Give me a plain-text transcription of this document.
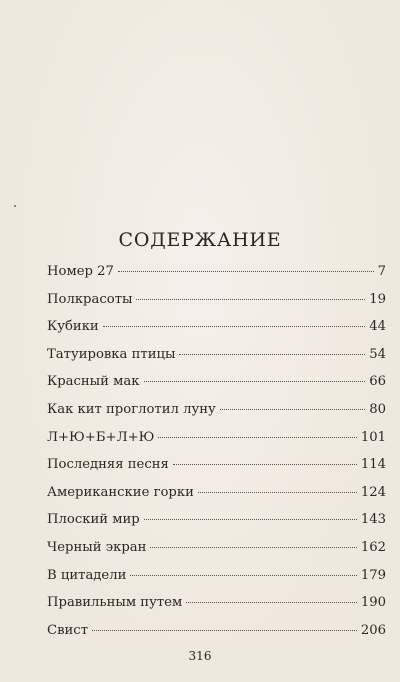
СОДЕРЖАНИЕ
Номер 27	7
Полкрасоты	19
Кубики	44
Татуировка птицы	54
Красный мак	66
Как кит проглотил луну	80
Л+Ю+Б+Л+Ю	101
Последняя песня	114
Американские горки	124
Плоский мир	143
Черный экран	162
В цитадели	179
Правильным путем	190
Свист	206
316
